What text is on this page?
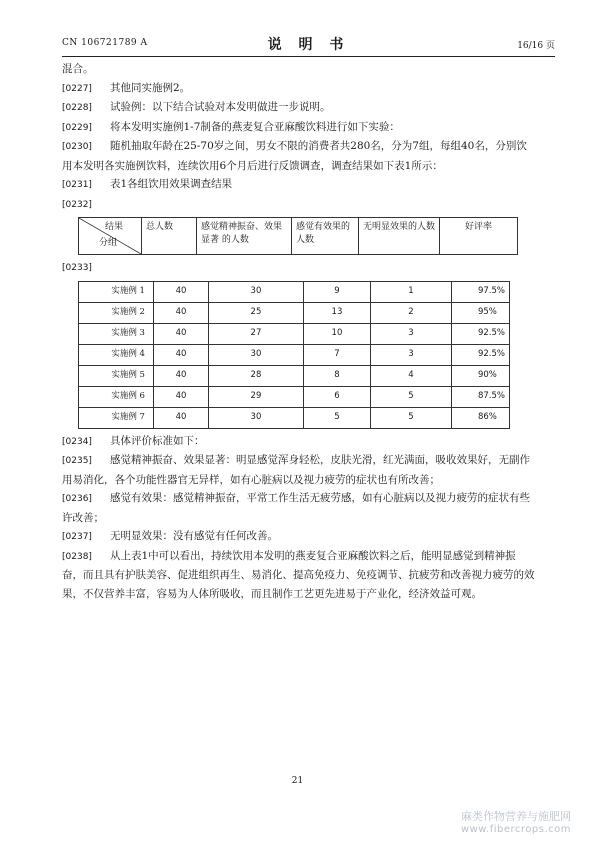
CN 106721789 A	说 明 书	16/16 页

混合。

[0227] 其他同实施例2。

[0228] 试验例：以下结合试验对本发明做进一步说明。

[0229] 将本发明实施例1-7制备的燕麦复合亚麻酸饮料进行如下实验：

[0230] 随机抽取年龄在25-70岁之间，男女不限的消费者共280名，分为7组，每组40名，分别饮用本发明各实施例饮料，连续饮用6个月后进行反馈调查，调查结果如下表1所示：

[0231] 表1各组饮用效果调查结果

[0232]

结果
分组
	总人数	感觉精神振奋、效果显著 的人数	感觉有效果的人数	无明显效果的人数	好评率

[0233]

实施例 1	40	30	9	1	97.5%
实施例 2	40	25	13	2	95%
实施例 3	40	27	10	3	92.5%
实施例 4	40	30	7	3	92.5%
实施例 5	40	28	8	4	90%
实施例 6	40	29	6	5	87.5%
实施例 7	40	30	5	5	86%

[0234] 具体评价标准如下：

[0235] 感觉精神振奋、效果显著：明显感觉浑身轻松，皮肤光滑，红光满面，吸收效果好，无副作用易消化，各个功能性器官无异样，如有心脏病以及视力疲劳的症状也有所改善；

[0236] 感觉有效果：感觉精神振奋，平常工作生活无疲劳感，如有心脏病以及视力疲劳的症状有些许改善；

[0237] 无明显效果：没有感觉有任何改善。

[0238] 从上表1中可以看出，持续饮用本发明的燕麦复合亚麻酸饮料之后，能明显感觉到精神振奋，而且具有护肤美容、促进组织再生、易消化、提高免疫力、免疫调节、抗疲劳和改善视力疲劳的效果，不仅营养丰富，容易为人体所吸收，而且制作工艺更先进易于产业化，经济效益可观。

21
麻类作物营养与施肥网
www.fibercrops.com
